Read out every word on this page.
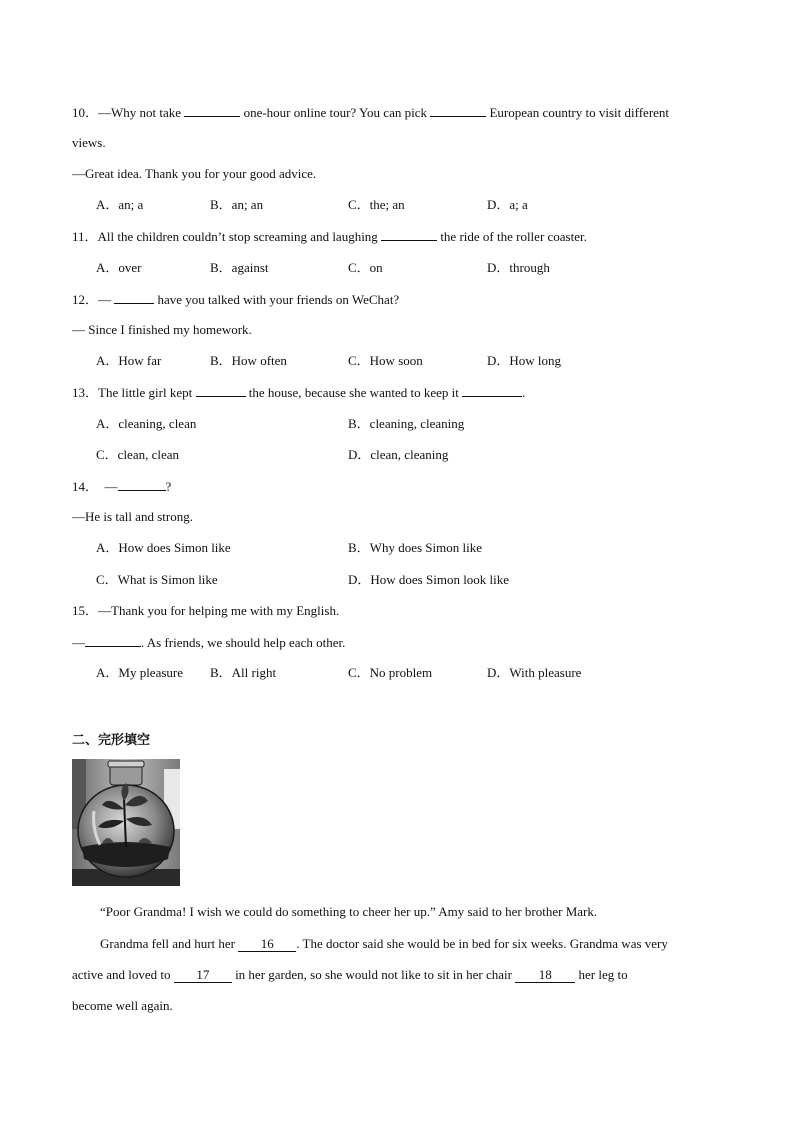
10．—Why not take	one-hour online tour? You can pick	European country to visit different
views.
—Great idea. Thank you for your good advice.
A．an; a	B．an; an	C．the; an	D．a; a
11．All the children couldn’t stop screaming and laughing	the ride of the roller coaster.
A．over	B．against	C．on	D．through
12．—	have you talked with your friends on WeChat?
— Since I finished my homework.
A．How far	B．How often	C．How soon	D．How long
13．The little girl kept	the house, because she wanted to keep it	.
A．cleaning, clean	B．cleaning, cleaning
C．clean, clean	D．clean, cleaning
14． —	?
—He is tall and strong.
A．How does Simon like	B．Why does Simon like
C．What is Simon like	D．How does Simon look like
15．—Thank you for helping me with my English.
—	. As friends, we should help each other.
A．My pleasure B．All right	C．No problem	D．With pleasure
二、完形填空
“Poor Grandma! I wish we could do something to cheer her up.” Amy said to her brother Mark.
Grandma fell and hurt her 16 . The doctor said she would be in bed for six weeks. Grandma was very
active and loved to 17 in her garden, so she would not like to sit in her chair 18 her leg to
become well again.
